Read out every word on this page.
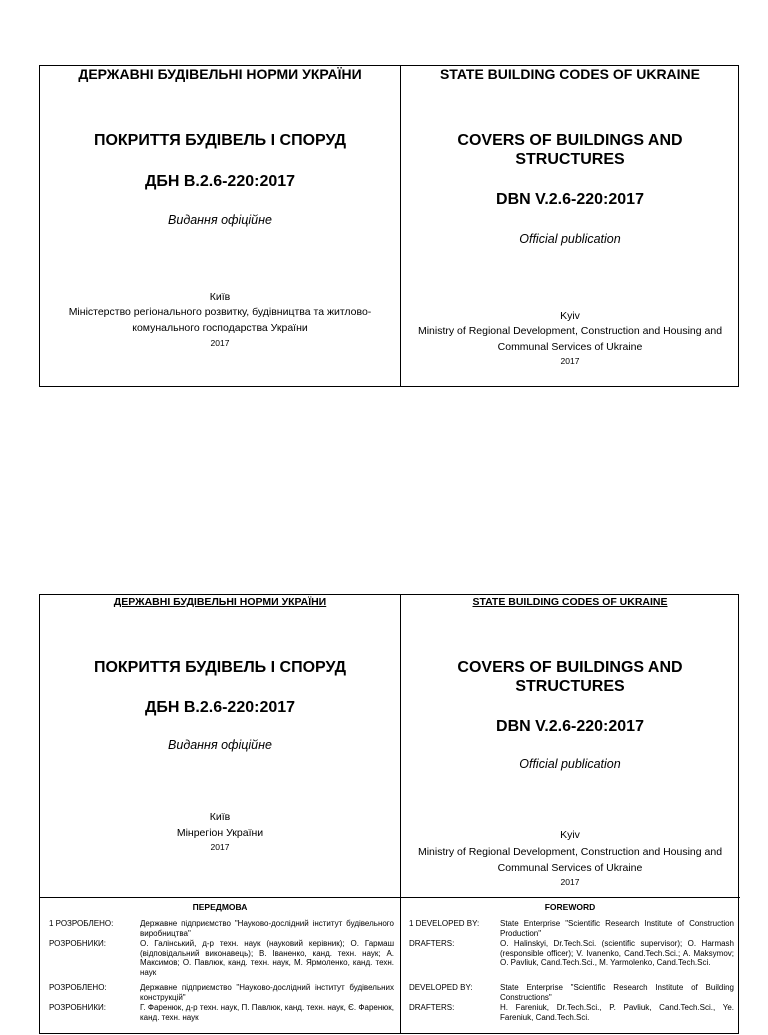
ДЕРЖАВНІ БУДІВЕЛЬНІ НОРМИ УКРАЇНИ
ПОКРИТТЯ БУДІВЕЛЬ І СПОРУД
ДБН В.2.6-220:2017
Видання офіційне
Київ
Міністерство регіонального розвитку, будівництва та житлово-
комунального господарства України
2017
STATE BUILDING CODES OF UKRAINE
COVERS OF BUILDINGS AND
STRUCTURES
DBN V.2.6-220:2017
Official publication
Kyiv
Ministry of Regional Development, Construction and Housing and
Communal Services of Ukraine
2017
ДЕРЖАВНІ БУДІВЕЛЬНІ НОРМИ УКРАЇНИ
ПОКРИТТЯ БУДІВЕЛЬ І СПОРУД
ДБН В.2.6-220:2017
Видання офіційне
Київ
Мінрегіон України
2017
ПЕРЕДМОВА
1 РОЗРОБЛЕНО:	Державне підприємство "Науково-дослідний інститут будівельного виробництва"
РОЗРОБНИКИ:	О. Галінський, д-р техн. наук (науковий керівник); О. Гармаш (відповідальний виконавець); В. Іваненко, канд. техн. наук; А. Максимов; О. Павлюк, канд. техн. наук, М. Ярмоленко, канд. техн. наук
РОЗРОБЛЕНО:	Державне підприємство "Науково-дослідний інститут будівельних конструкцій"
РОЗРОБНИКИ:	Г. Фаренюк, д-р техн. наук, П. Павлюк, канд. техн. наук, Є. Фаренюк, канд. техн. наук
STATE BUILDING CODES OF UKRAINE
COVERS OF BUILDINGS AND
STRUCTURES
DBN V.2.6-220:2017
Official publication
Kyiv
Ministry of Regional Development, Construction and Housing and
Communal Services of Ukraine
2017
FOREWORD
1 DEVELOPED BY:	State Enterprise "Scientific Research Institute of Construction Production"
DRAFTERS:	O. Halinskyi, Dr.Tech.Sci. (scientific supervisor); O. Harmash (responsible officer); V. Ivanenko, Cand.Tech.Sci.; A. Maksymov; O. Pavliuk, Cand.Tech.Sci., M. Yarmolenko, Cand.Tech.Sci.
DEVELOPED BY:	State Enterprise "Scientific Research Institute of Building Constructions"
DRAFTERS:	H. Fareniuk, Dr.Tech.Sci., P. Pavliuk, Cand.Tech.Sci., Ye. Fareniuk, Cand.Tech.Sci.
